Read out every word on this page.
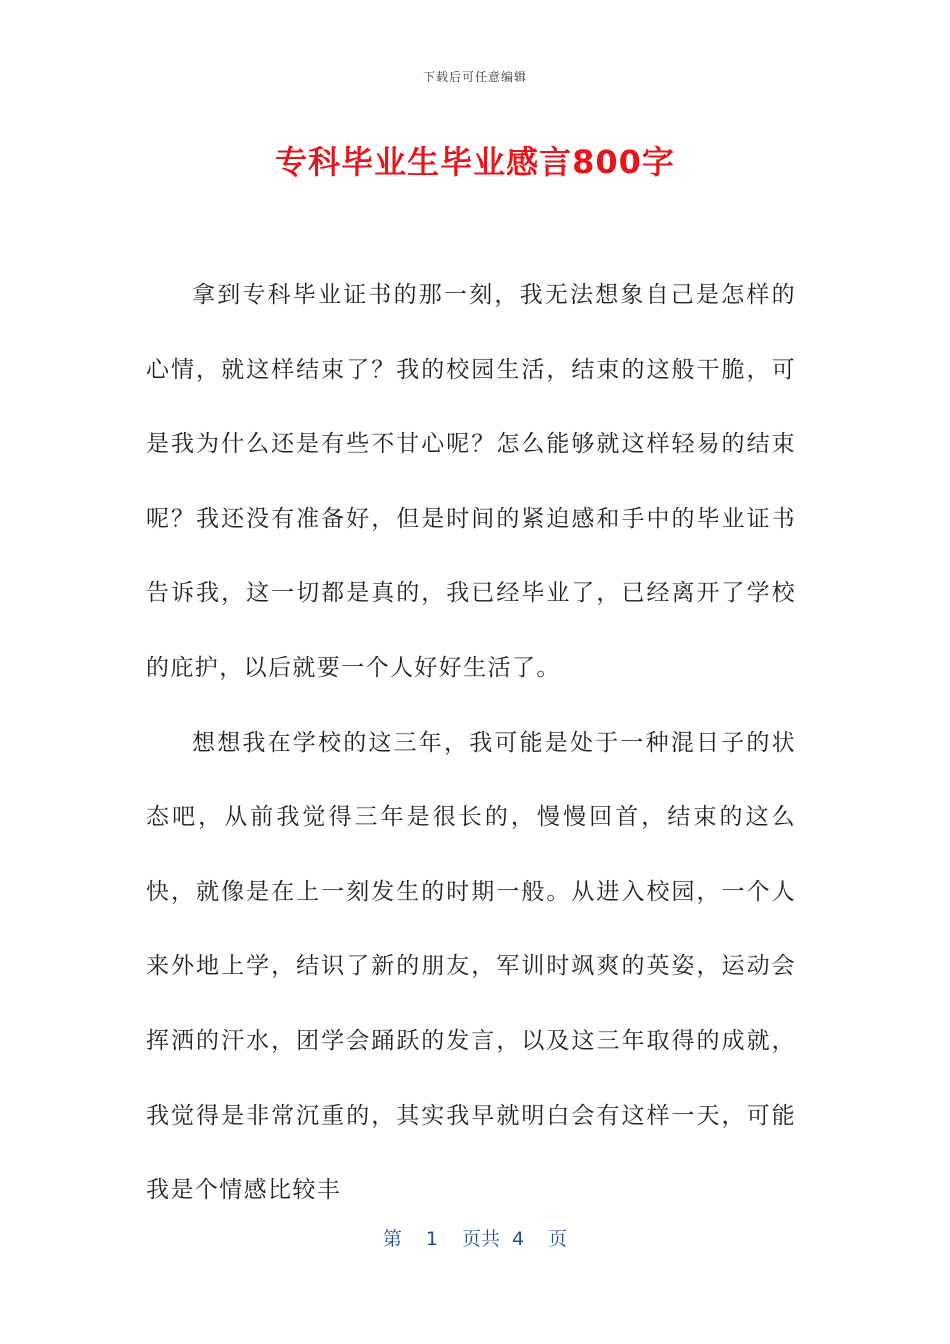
下载后可任意编辑
专科毕业生毕业感言800字

拿到专科毕业证书的那一刻，我无法想象自己是怎样的心情，就这样结束了？我的校园生活，结束的这般干脆，可是我为什么还是有些不甘心呢？怎么能够就这样轻易的结束呢？我还没有准备好，但是时间的紧迫感和手中的毕业证书告诉我，这一切都是真的，我已经毕业了，已经离开了学校的庇护，以后就要一个人好好生活了。

想想我在学校的这三年，我可能是处于一种混日子的状态吧，从前我觉得三年是很长的，慢慢回首，结束的这么快，就像是在上一刻发生的时期一般。从进入校园，一个人来外地上学，结识了新的朋友，军训时飒爽的英姿，运动会挥洒的汗水，团学会踊跃的发言，以及这三年取得的成就，我觉得是非常沉重的，其实我早就明白会有这样一天，可能我是个情感比较丰

第 1 页共 4 页
